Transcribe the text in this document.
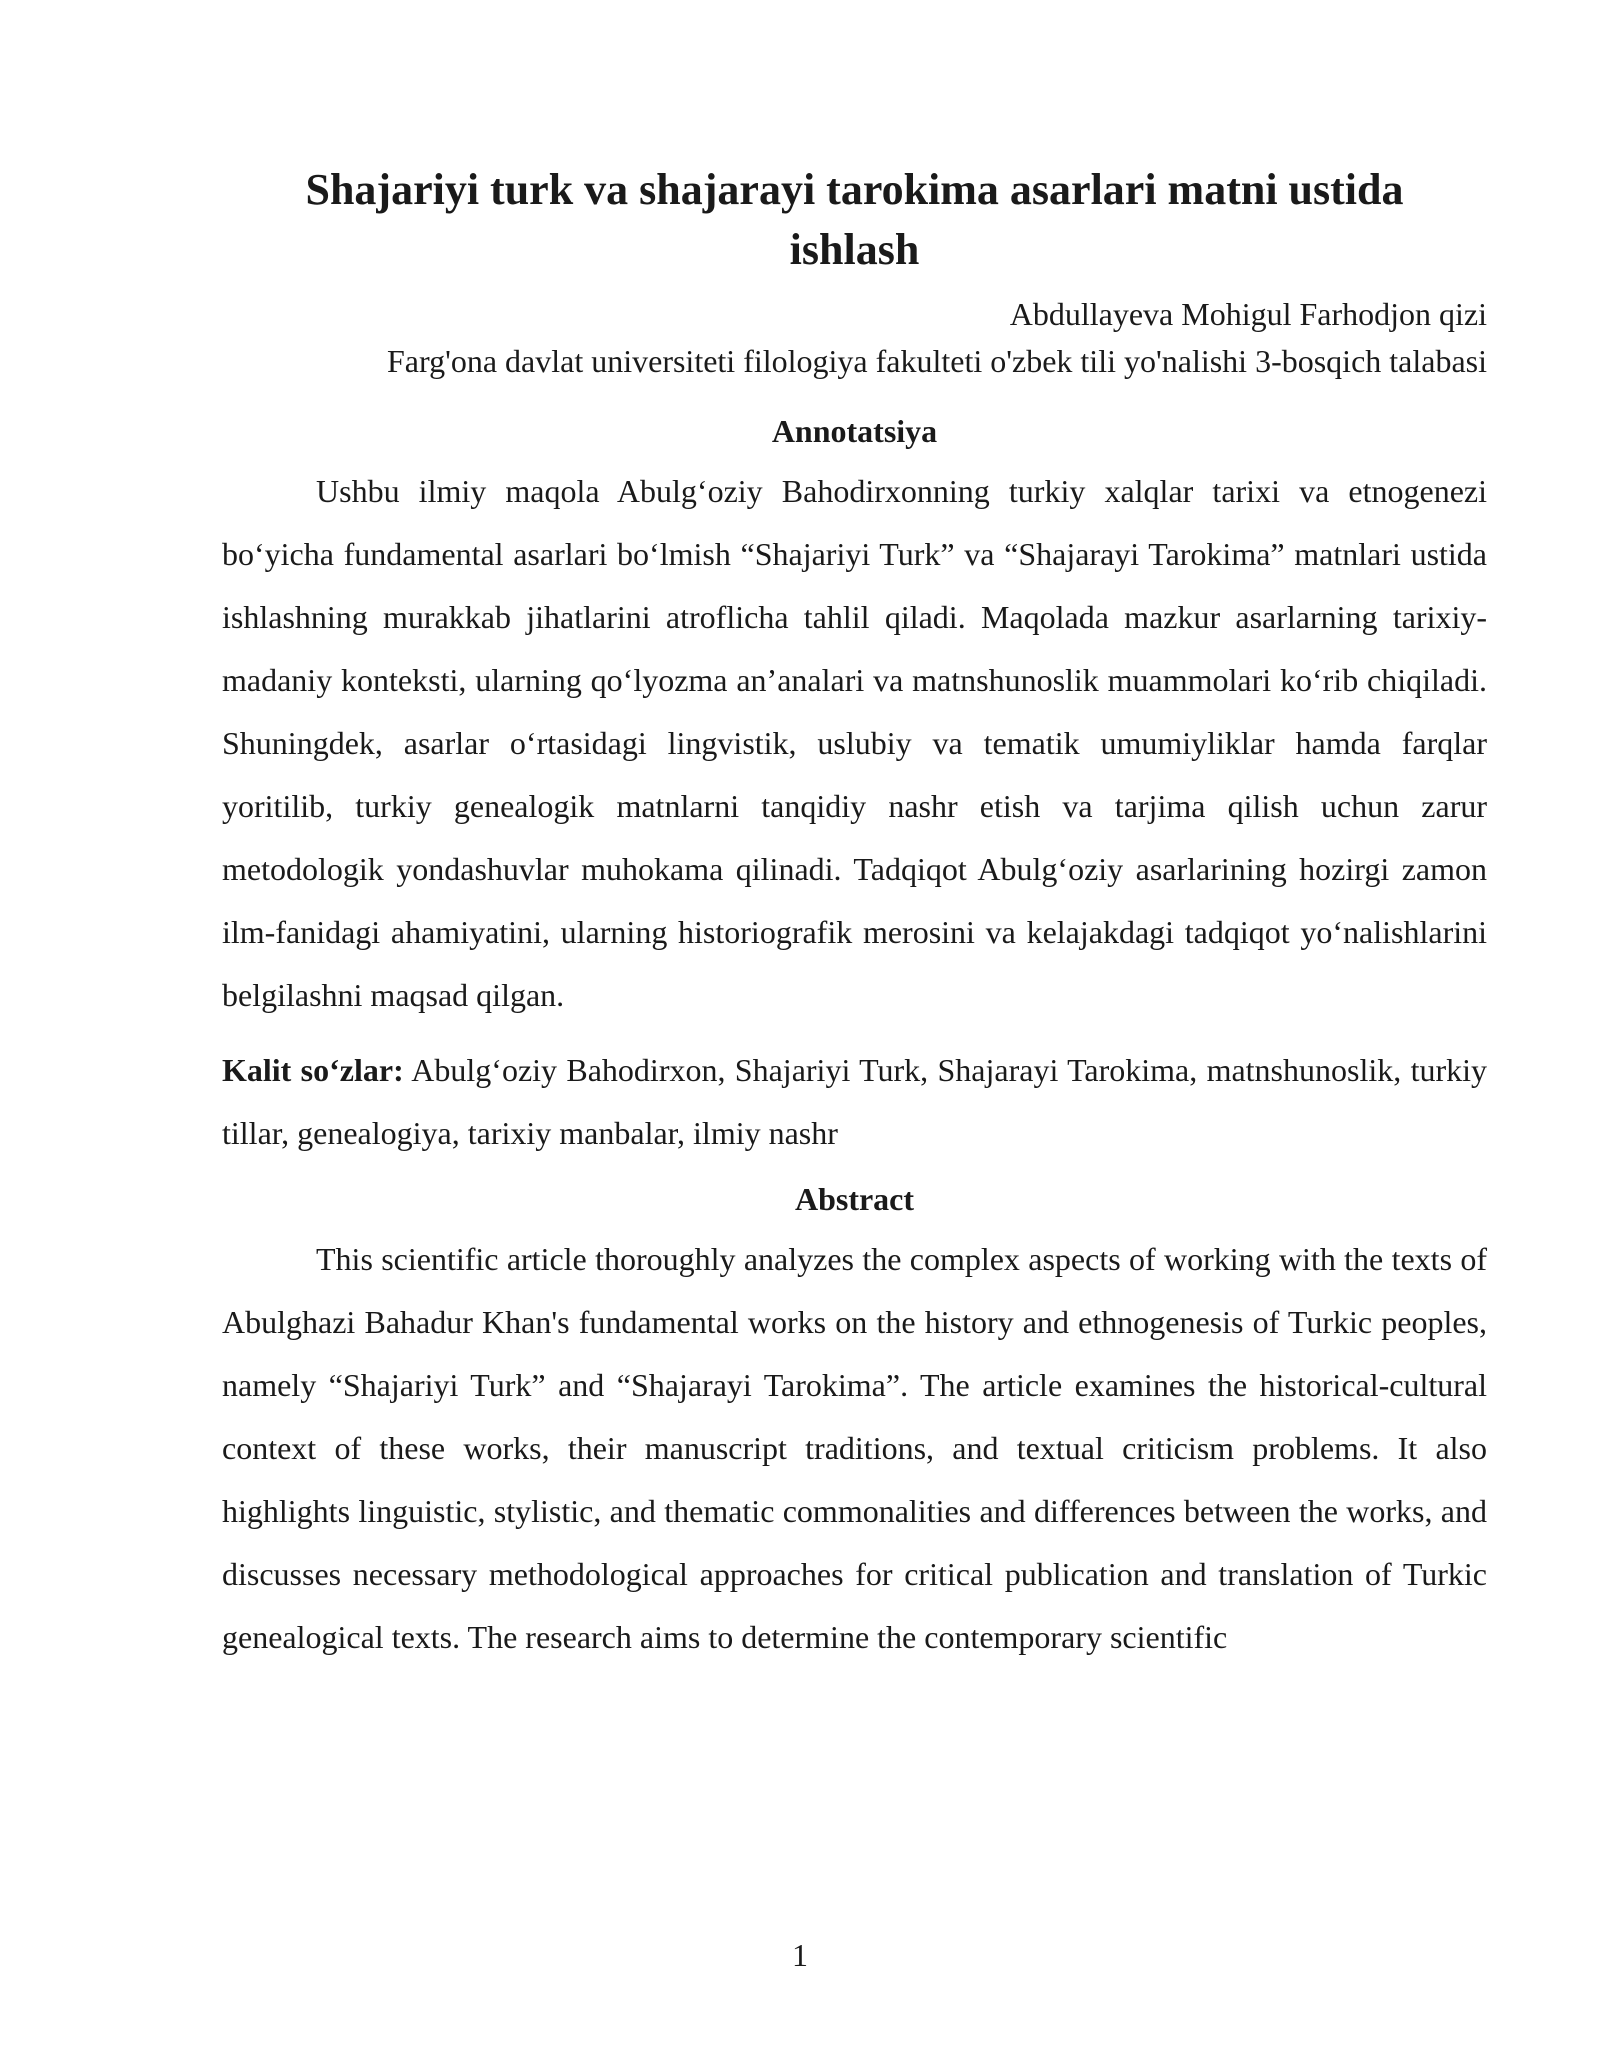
Shajariyi turk va shajarayi tarokima asarlari matni ustida ishlash
Abdullayeva Mohigul Farhodjon qizi
Farg'ona davlat universiteti filologiya fakulteti o'zbek tili yo'nalishi 3-bosqich talabasi
Annotatsiya

Ushbu ilmiy maqola Abulg‘oziy Bahodirxonning turkiy xalqlar tarixi va etnogenezi bo‘yicha fundamental asarlari bo‘lmish “Shajariyi Turk” va “Shajarayi Tarokima” matnlari ustida ishlashning murakkab jihatlarini atroflicha tahlil qiladi. Maqolada mazkur asarlarning tarixiy-madaniy konteksti, ularning qo‘lyozma an’analari va matnshunoslik muammolari ko‘rib chiqiladi. Shuningdek, asarlar o‘rtasidagi lingvistik, uslubiy va tematik umumiyliklar hamda farqlar yoritilib, turkiy genealogik matnlarni tanqidiy nashr etish va tarjima qilish uchun zarur metodologik yondashuvlar muhokama qilinadi. Tadqiqot Abulg‘oziy asarlarining hozirgi zamon ilm-fanidagi ahamiyatini, ularning historiografik merosini va kelajakdagi tadqiqot yo‘nalishlarini belgilashni maqsad qilgan.

Kalit so‘zlar: Abulg‘oziy Bahodirxon, Shajariyi Turk, Shajarayi Tarokima, matnshunoslik, turkiy tillar, genealogiya, tarixiy manbalar, ilmiy nashr

Abstract

This scientific article thoroughly analyzes the complex aspects of working with the texts of Abulghazi Bahadur Khan's fundamental works on the history and ethnogenesis of Turkic peoples, namely “Shajariyi Turk” and “Shajarayi Tarokima”. The article examines the historical-cultural context of these works, their manuscript traditions, and textual criticism problems. It also highlights linguistic, stylistic, and thematic commonalities and differences between the works, and discusses necessary methodological approaches for critical publication and translation of Turkic genealogical texts. The research aims to determine the contemporary scientific

1
